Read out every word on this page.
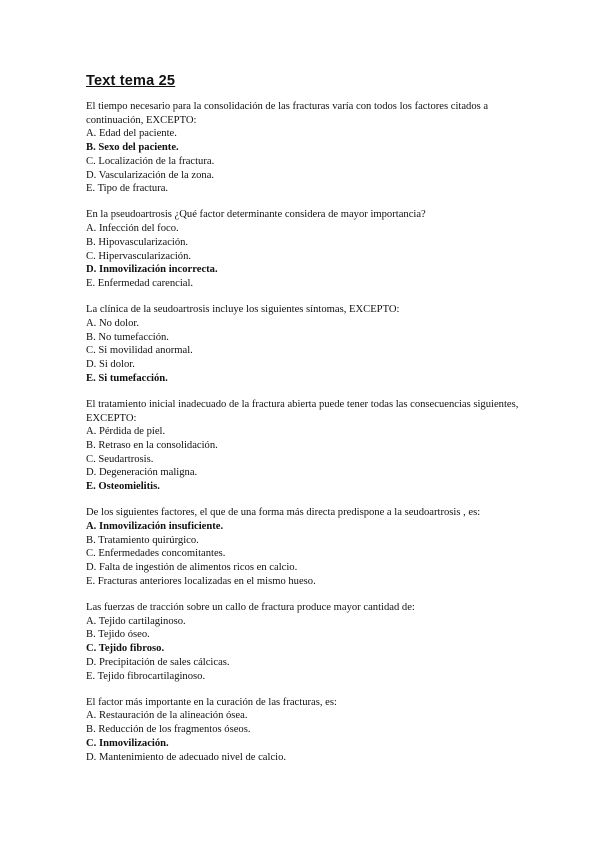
Text tema 25

El tiempo necesario para la consolidación de las fracturas varía con todos los factores citados a continuación, EXCEPTO:

A. Edad del paciente.
B. Sexo del paciente.
C. Localización de la fractura.
D. Vascularización de la zona.
E. Tipo de fractura.

En la pseudoartrosis ¿Qué factor determinante considera de mayor importancia?

A. Infección del foco.
B. Hipovascularización.
C. Hipervascularización.
D. Inmovilización incorrecta.
E. Enfermedad carencial.

La clínica de la seudoartrosis incluye los siguientes síntomas, EXCEPTO:

A. No dolor.
B. No tumefacción.
C. Si movilidad anormal.
D. Si dolor.
E. Si tumefacción.

El tratamiento inicial inadecuado de la fractura abierta puede tener todas las consecuencias siguientes, EXCEPTO:

A. Pérdida de piel.
B. Retraso en la consolidación.
C. Seudartrosis.
D. Degeneración maligna.
E. Osteomielitis.

De los siguientes factores, el que de una forma más directa predispone a la seudoartrosis , es:

A. Inmovilización insuficiente.
B. Tratamiento quirúrgico.
C. Enfermedades concomitantes.
D. Falta de ingestión de alimentos ricos en calcio.
E. Fracturas anteriores localizadas en el mismo hueso.

Las fuerzas de tracción sobre un callo de fractura produce mayor cantidad de:

A. Tejido cartilaginoso.
B. Tejido óseo.
C. Tejido fibroso.
D. Precipitación de sales cálcicas.
E. Tejido fibrocartilaginoso.

El factor más importante en la curación de las fracturas, es:

A. Restauración de la alineación ósea.
B. Reducción de los fragmentos óseos.
C. Inmovilización.
D. Mantenimiento de adecuado nivel de calcio.
